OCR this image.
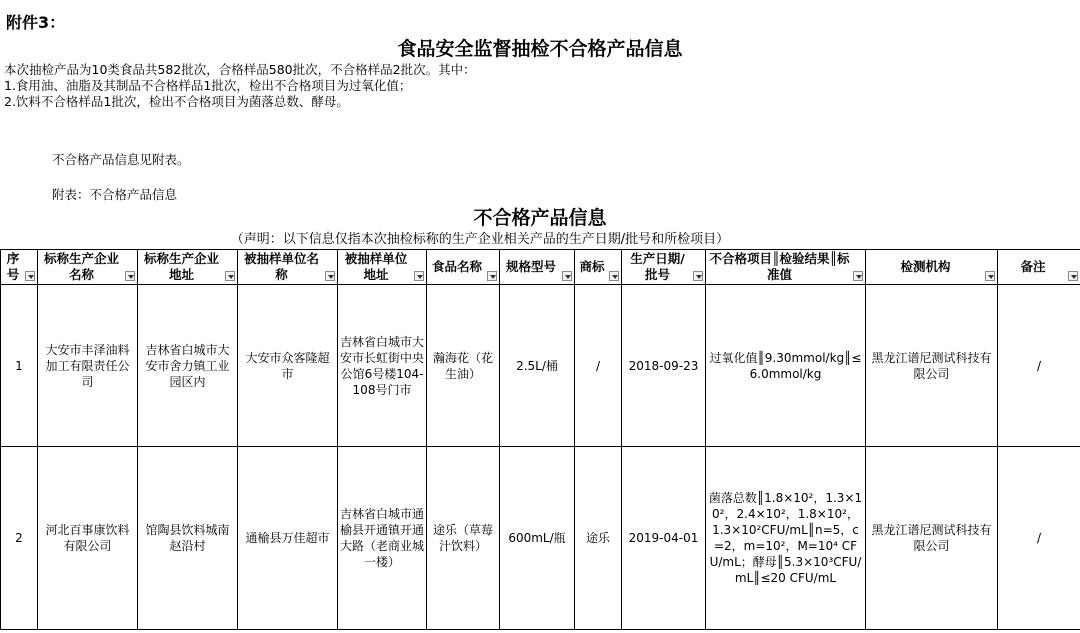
附件3：
食品安全监督抽检不合格产品信息
本次抽检产品为10类食品共582批次，合格样品580批次，不合格样品2批次。其中：
1.食用油、油脂及其制品不合格样品1批次，检出不合格项目为过氧化值；
2.饮料不合格样品1批次，检出不合格项目为菌落总数、酵母。
不合格产品信息见附表。
附表：不合格产品信息
不合格产品信息
（声明：以下信息仅指本次抽检标称的生产企业相关产品的生产日期/批号和所检项目）
序号	标称生产企业名称	标称生产企业地址	被抽样单位名称	被抽样单位地址	食品名称	规格型号	商标	生产日期/批号	不合格项目║检验结果║标准值	检测机构	备注

1	大安市丰泽油料加工有限责任公司	吉林省白城市大安市舍力镇工业园区内	大安市众客隆超市	吉林省白城市大安市长虹街中央公馆6号楼104-108号门市	瀚海花（花生油）	2.5L/桶	/	2018-09-23	过氧化值║9.30mmol/kg║≤6.0mmol/kg	黑龙江谱尼测试科技有限公司	/
2	河北百事康饮料有限公司	馆陶县饮料城南赵沿村	通榆县万佳超市	吉林省白城市通榆县开通镇开通大路（老商业城一楼）	途乐（草莓汁饮料）	600mL/瓶	途乐	2019-04-01	菌落总数║1.8×10²，1.3×10²，2.4×10²，1.8×10²，1.3×10²CFU/mL║n=5，c=2，m=10²，M=10⁴ CFU/mL；酵母║5.3×10³CFU/mL║≤20 CFU/mL	黑龙江谱尼测试科技有限公司	/
